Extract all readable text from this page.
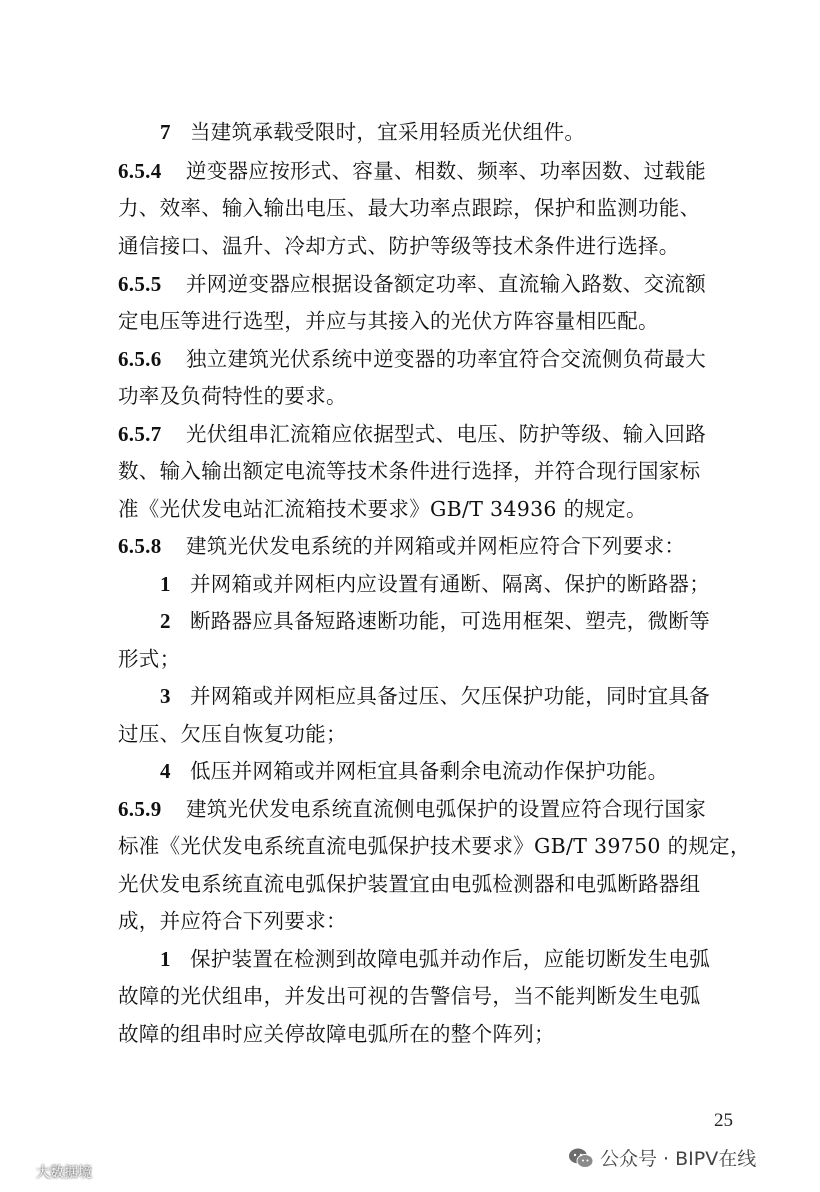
7 当建筑承载受限时，宜采用轻质光伏组件。
6.5.4 逆变器应按形式、容量、相数、频率、功率因数、过载能
力、效率、输入输出电压、最大功率点跟踪，保护和监测功能、
通信接口、温升、冷却方式、防护等级等技术条件进行选择。
6.5.5 并网逆变器应根据设备额定功率、直流输入路数、交流额
定电压等进行选型，并应与其接入的光伏方阵容量相匹配。
6.5.6 独立建筑光伏系统中逆变器的功率宜符合交流侧负荷最大
功率及负荷特性的要求。
6.5.7 光伏组串汇流箱应依据型式、电压、防护等级、输入回路
数、输入输出额定电流等技术条件进行选择，并符合现行国家标
准《光伏发电站汇流箱技术要求》GB/T 34936 的规定。
6.5.8 建筑光伏发电系统的并网箱或并网柜应符合下列要求：
1 并网箱或并网柜内应设置有通断、隔离、保护的断路器；
2 断路器应具备短路速断功能，可选用框架、塑壳，微断等
形式；
3 并网箱或并网柜应具备过压、欠压保护功能，同时宜具备
过压、欠压自恢复功能；
4 低压并网箱或并网柜宜具备剩余电流动作保护功能。
6.5.9 建筑光伏发电系统直流侧电弧保护的设置应符合现行国家
标准《光伏发电系统直流电弧保护技术要求》GB/T 39750 的规定，
光伏发电系统直流电弧保护装置宜由电弧检测器和电弧断路器组
成，并应符合下列要求：
1 保护装置在检测到故障电弧并动作后，应能切断发生电弧
故障的光伏组串，并发出可视的告警信号，当不能判断发生电弧
故障的组串时应关停故障电弧所在的整个阵列；
25
公众号 · BIPV在线
大数据境
